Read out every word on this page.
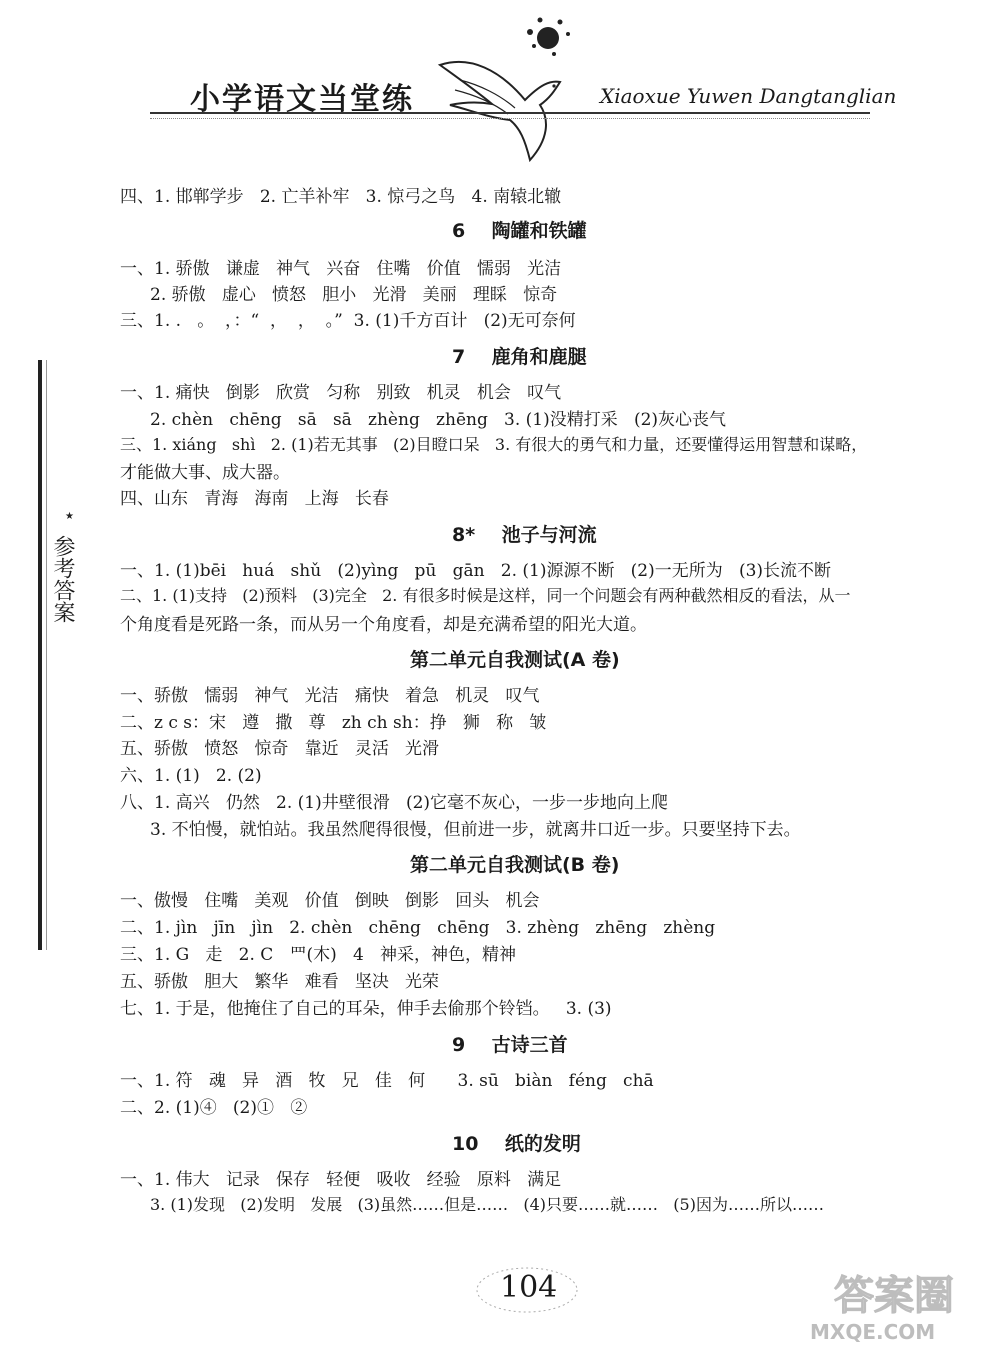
小学语文当堂练	Xiaoxue Yuwen Dangtanglian
★
参考答案
四、1. 邯郸学步   2. 亡羊补牢   3. 惊弓之鸟   4. 南辕北辙
6    陶罐和铁罐
一、1. 骄傲   谦虚   神气   兴奋   住嘴   价值   懦弱   光洁
2. 骄傲   虚心   愤怒   胆小   光滑   美丽   理睬   惊奇
三、1. .   。  ，：“  ，  ，  。”  3. (1)千方百计   (2)无可奈何
7    鹿角和鹿腿
一、1. 痛快   倒影   欣赏   匀称   别致   机灵   机会   叹气
2. chèn   chēng   sā   sā   zhèng   zhēng   3. (1)没精打采   (2)灰心丧气
三、1. xiáng   shì   2. (1)若无其事   (2)目瞪口呆   3. 有很大的勇气和力量，还要懂得运用智慧和谋略，
才能做大事、成大器。
四、山东   青海   海南   上海   长春
8*    池子与河流
一、1. (1)bēi   huá   shǔ   (2)yìng   pū   gān   2. (1)源源不断   (2)一无所为   (3)长流不断
二、1. (1)支持   (2)预料   (3)完全   2. 有很多时候是这样，同一个问题会有两种截然相反的看法，从一
个角度看是死路一条，而从另一个角度看，却是充满希望的阳光大道。
第二单元自我测试(A 卷)
一、骄傲   懦弱   神气   光洁   痛快   着急   机灵   叹气
二、z c s：宋   遵   撒   尊   zh ch sh：挣   狮   称   皱
五、骄傲   愤怒   惊奇   靠近   灵活   光滑
六、1. (1)   2. (2)
八、1. 高兴   仍然   2. (1)井壁很滑   (2)它毫不灰心，一步一步地向上爬
3. 不怕慢，就怕站。我虽然爬得很慢，但前进一步，就离井口近一步。只要坚持下去。
第二单元自我测试(B 卷)
一、傲慢   住嘴   美观   价值   倒映   倒影   回头   机会
二、1. jìn   jīn   jìn   2. chèn   chēng   chēng   3. zhèng   zhēng   zhèng
三、1. G   走   2. C   罒(木)   4   神采，神色，精神
五、骄傲   胆大   繁华   难看   坚决   光荣
七、1. 于是，他掩住了自己的耳朵，伸手去偷那个铃铛。   3. (3)
9    古诗三首
一、1. 符   魂   异   酒   牧   兄   佳   何      3. sū   biàn   féng   chā
二、2. (1)④   (2)①   ②
10    纸的发明
一、1. 伟大   记录   保存   轻便   吸收   经验   原料   满足
3. (1)发现   (2)发明   发展   (3)虽然……但是……   (4)只要……就……   (5)因为……所以……
104	答案圈
MXQE.COM
